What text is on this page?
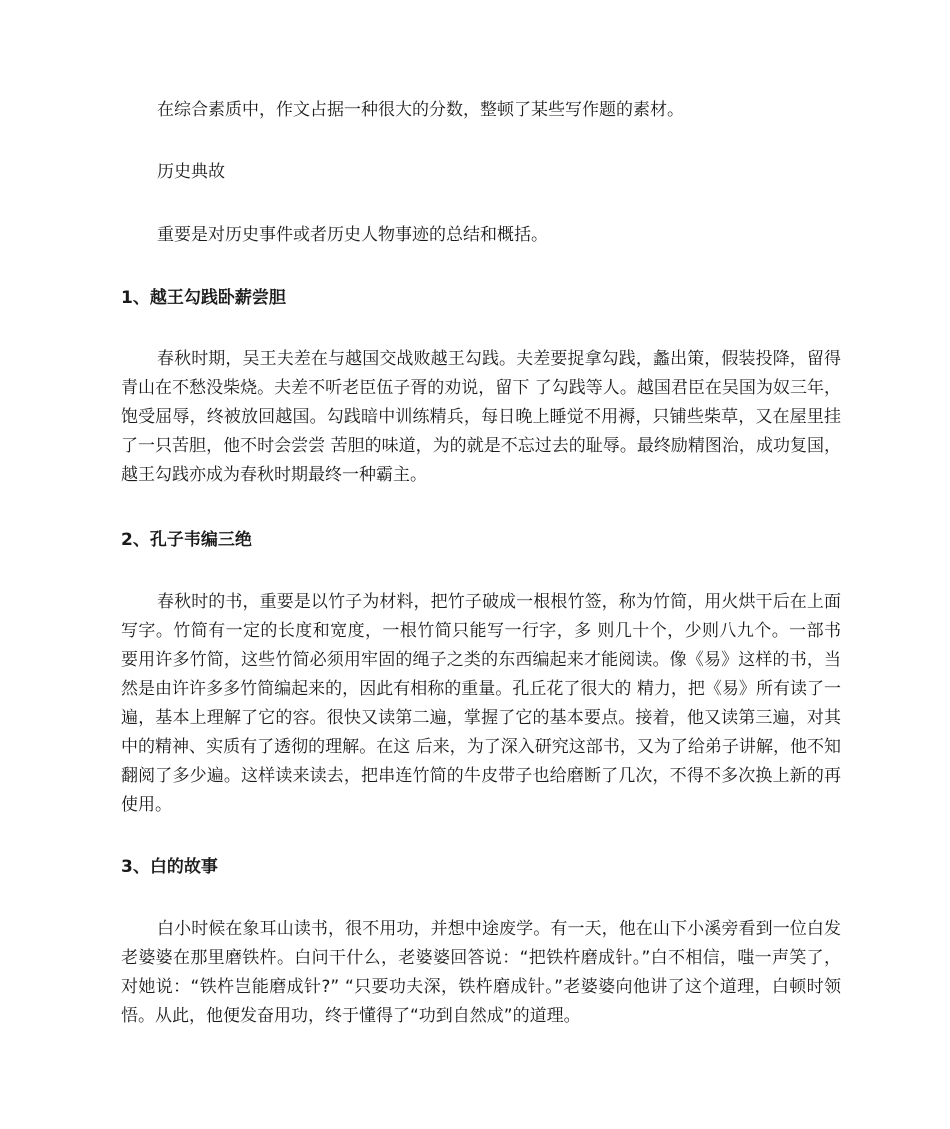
在综合素质中，作文占据一种很大的分数，整顿了某些写作题的素材。
历史典故
重要是对历史事件或者历史人物事迹的总结和概括。
1、越王勾践卧薪尝胆
春秋时期，吴王夫差在与越国交战败越王勾践。夫差要捉拿勾践，蠡出策，假装投降，留得青山在不愁没柴烧。夫差不听老臣伍子胥的劝说，留下 了勾践等人。越国君臣在吴国为奴三年，饱受屈辱，终被放回越国。勾践暗中训练精兵，每日晚上睡觉不用褥，只铺些柴草，又在屋里挂了一只苦胆，他不时会尝尝 苦胆的味道，为的就是不忘过去的耻辱。最终励精图治，成功复国，越王勾践亦成为春秋时期最终一种霸主。
2、孔子韦编三绝
春秋时的书，重要是以竹子为材料，把竹子破成一根根竹签，称为竹简，用火烘干后在上面写字。竹简有一定的长度和宽度，一根竹简只能写一行字，多 则几十个，少则八九个。一部书 要用许多竹简，这些竹简必须用牢固的绳子之类的东西编起来才能阅读。像《易》这样的书，当然是由许许多多竹简编起来的，因此有相称的重量。孔丘花了很大的 精力，把《易》所有读了一遍，基本上理解了它的容。很快又读第二遍，掌握了它的基本要点。接着，他又读第三遍，对其中的精神、实质有了透彻的理解。在这 后来，为了深入研究这部书，又为了给弟子讲解，他不知翻阅了多少遍。这样读来读去，把串连竹简的牛皮带子也给磨断了几次，不得不多次换上新的再使用。
3、白的故事
白小时候在象耳山读书，很不用功，并想中途废学。有一天，他在山下小溪旁看到一位白发老婆婆在那里磨铁杵。白问干什么，老婆婆回答说：“把铁杵磨成针。”白不相信，嗤一声笑了，对她说：“铁杵岂能磨成针?” “只要功夫深，铁杵磨成针。”老婆婆向他讲了这个道理，白顿时领悟。从此，他便发奋用功，终于懂得了“功到自然成”的道理。
